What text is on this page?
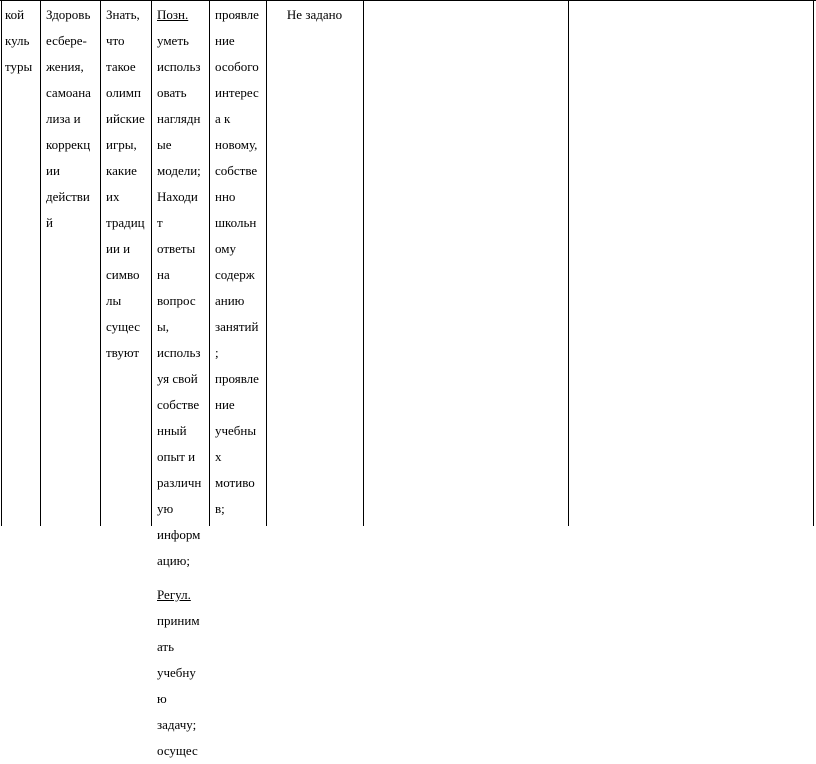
кой
куль
туры
Здоровь
есбере-
жения,
самоана
лиза и
коррекц
ии
действи
й
Знать,
что
такое
олимп
ийские
игры,
какие
их
традиц
ии и
симво
лы
сущес
твуют
Позн.
уметь
использ
овать
наглядн
ые
модели;
Находи
т
ответы
на
вопрос
ы,
использ
уя свой
собстве
нный
опыт и
различн
ую
информ
ацию;
Регул.
приним
ать
учебну
ю
задачу;
осущес
проявле
ние
особого
интерес
а к
новому,
собстве
нно
школьн
ому
содерж
анию
занятий
;
проявле
ние
учебны
х
мотиво
в;
Не задано
